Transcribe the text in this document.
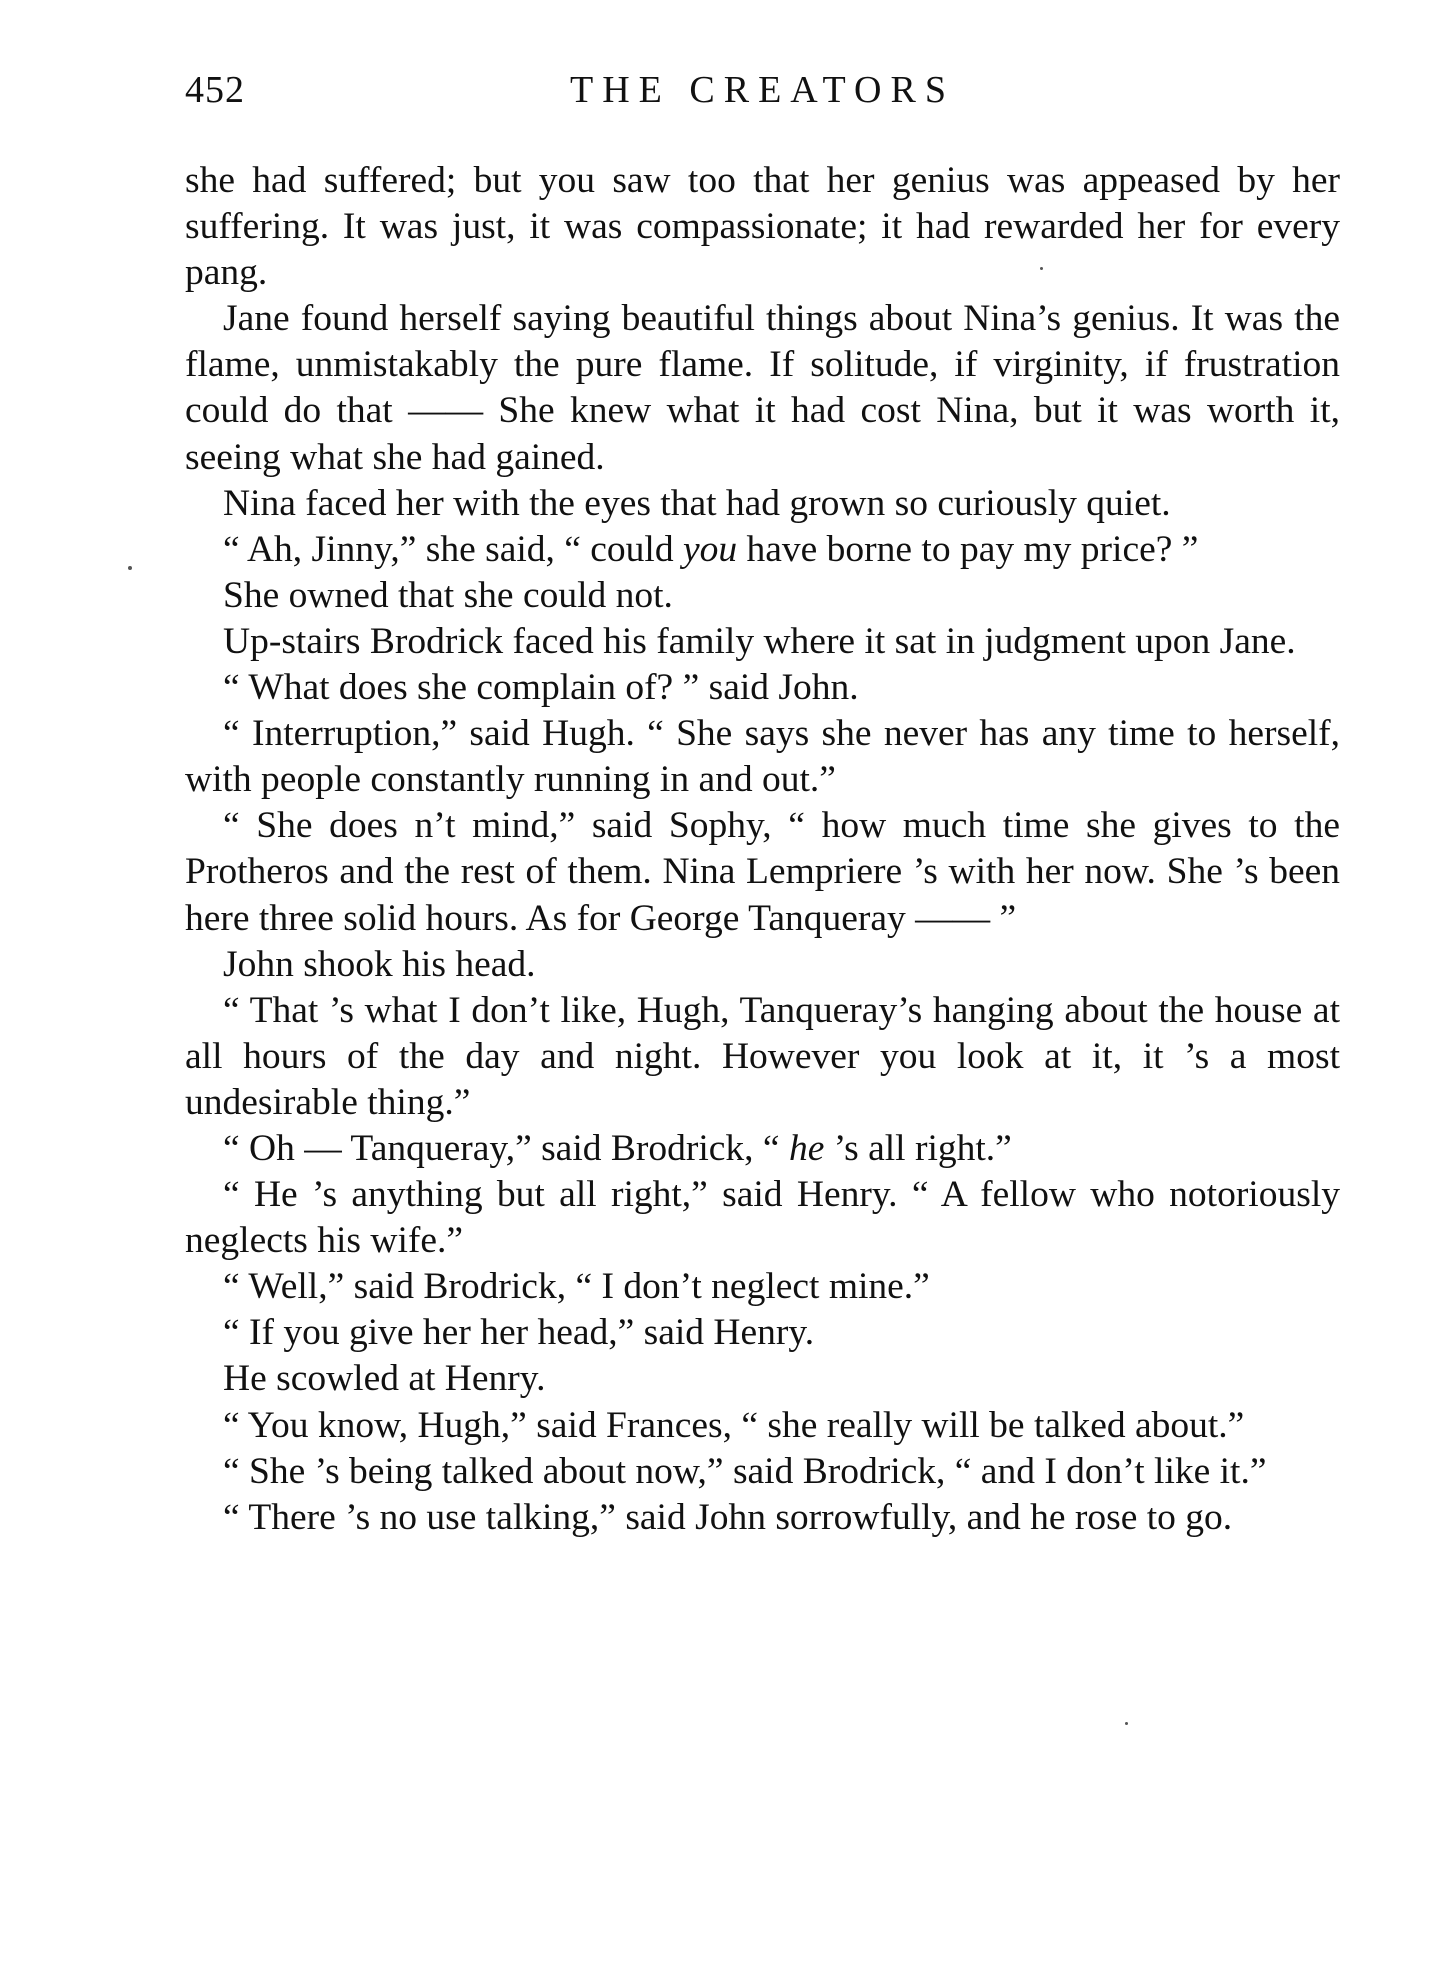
452	THE CREATORS

she had suffered; but you saw too that her genius was appeased by her suffering. It was just, it was compassionate; it had rewarded her for every pang.

Jane found herself saying beautiful things about Nina’s genius. It was the flame, unmistakably the pure flame. If solitude, if virginity, if frustration could do that —— She knew what it had cost Nina, but it was worth it, seeing what she had gained.

Nina faced her with the eyes that had grown so curiously quiet.

“ Ah, Jinny,” she said, “ could you have borne to pay my price? ”

She owned that she could not.

Up-stairs Brodrick faced his family where it sat in judgment upon Jane.

“ What does she complain of? ” said John.

“ Interruption,” said Hugh. “ She says she never has any time to herself, with people constantly running in and out.”

“ She does n’t mind,” said Sophy, “ how much time she gives to the Protheros and the rest of them. Nina Lempriere ’s with her now. She ’s been here three solid hours. As for George Tanqueray —— ”

John shook his head.

“ That ’s what I don’t like, Hugh, Tanqueray’s hanging about the house at all hours of the day and night. However you look at it, it ’s a most undesirable thing.”

“ Oh — Tanqueray,” said Brodrick, “ he ’s all right.”

“ He ’s anything but all right,” said Henry. “ A fellow who notoriously neglects his wife.”

“ Well,” said Brodrick, “ I don’t neglect mine.”

“ If you give her her head,” said Henry.

He scowled at Henry.

“ You know, Hugh,” said Frances, “ she really will be talked about.”

“ She ’s being talked about now,” said Brodrick, “ and I don’t like it.”

“ There ’s no use talking,” said John sorrowfully, and he rose to go.
